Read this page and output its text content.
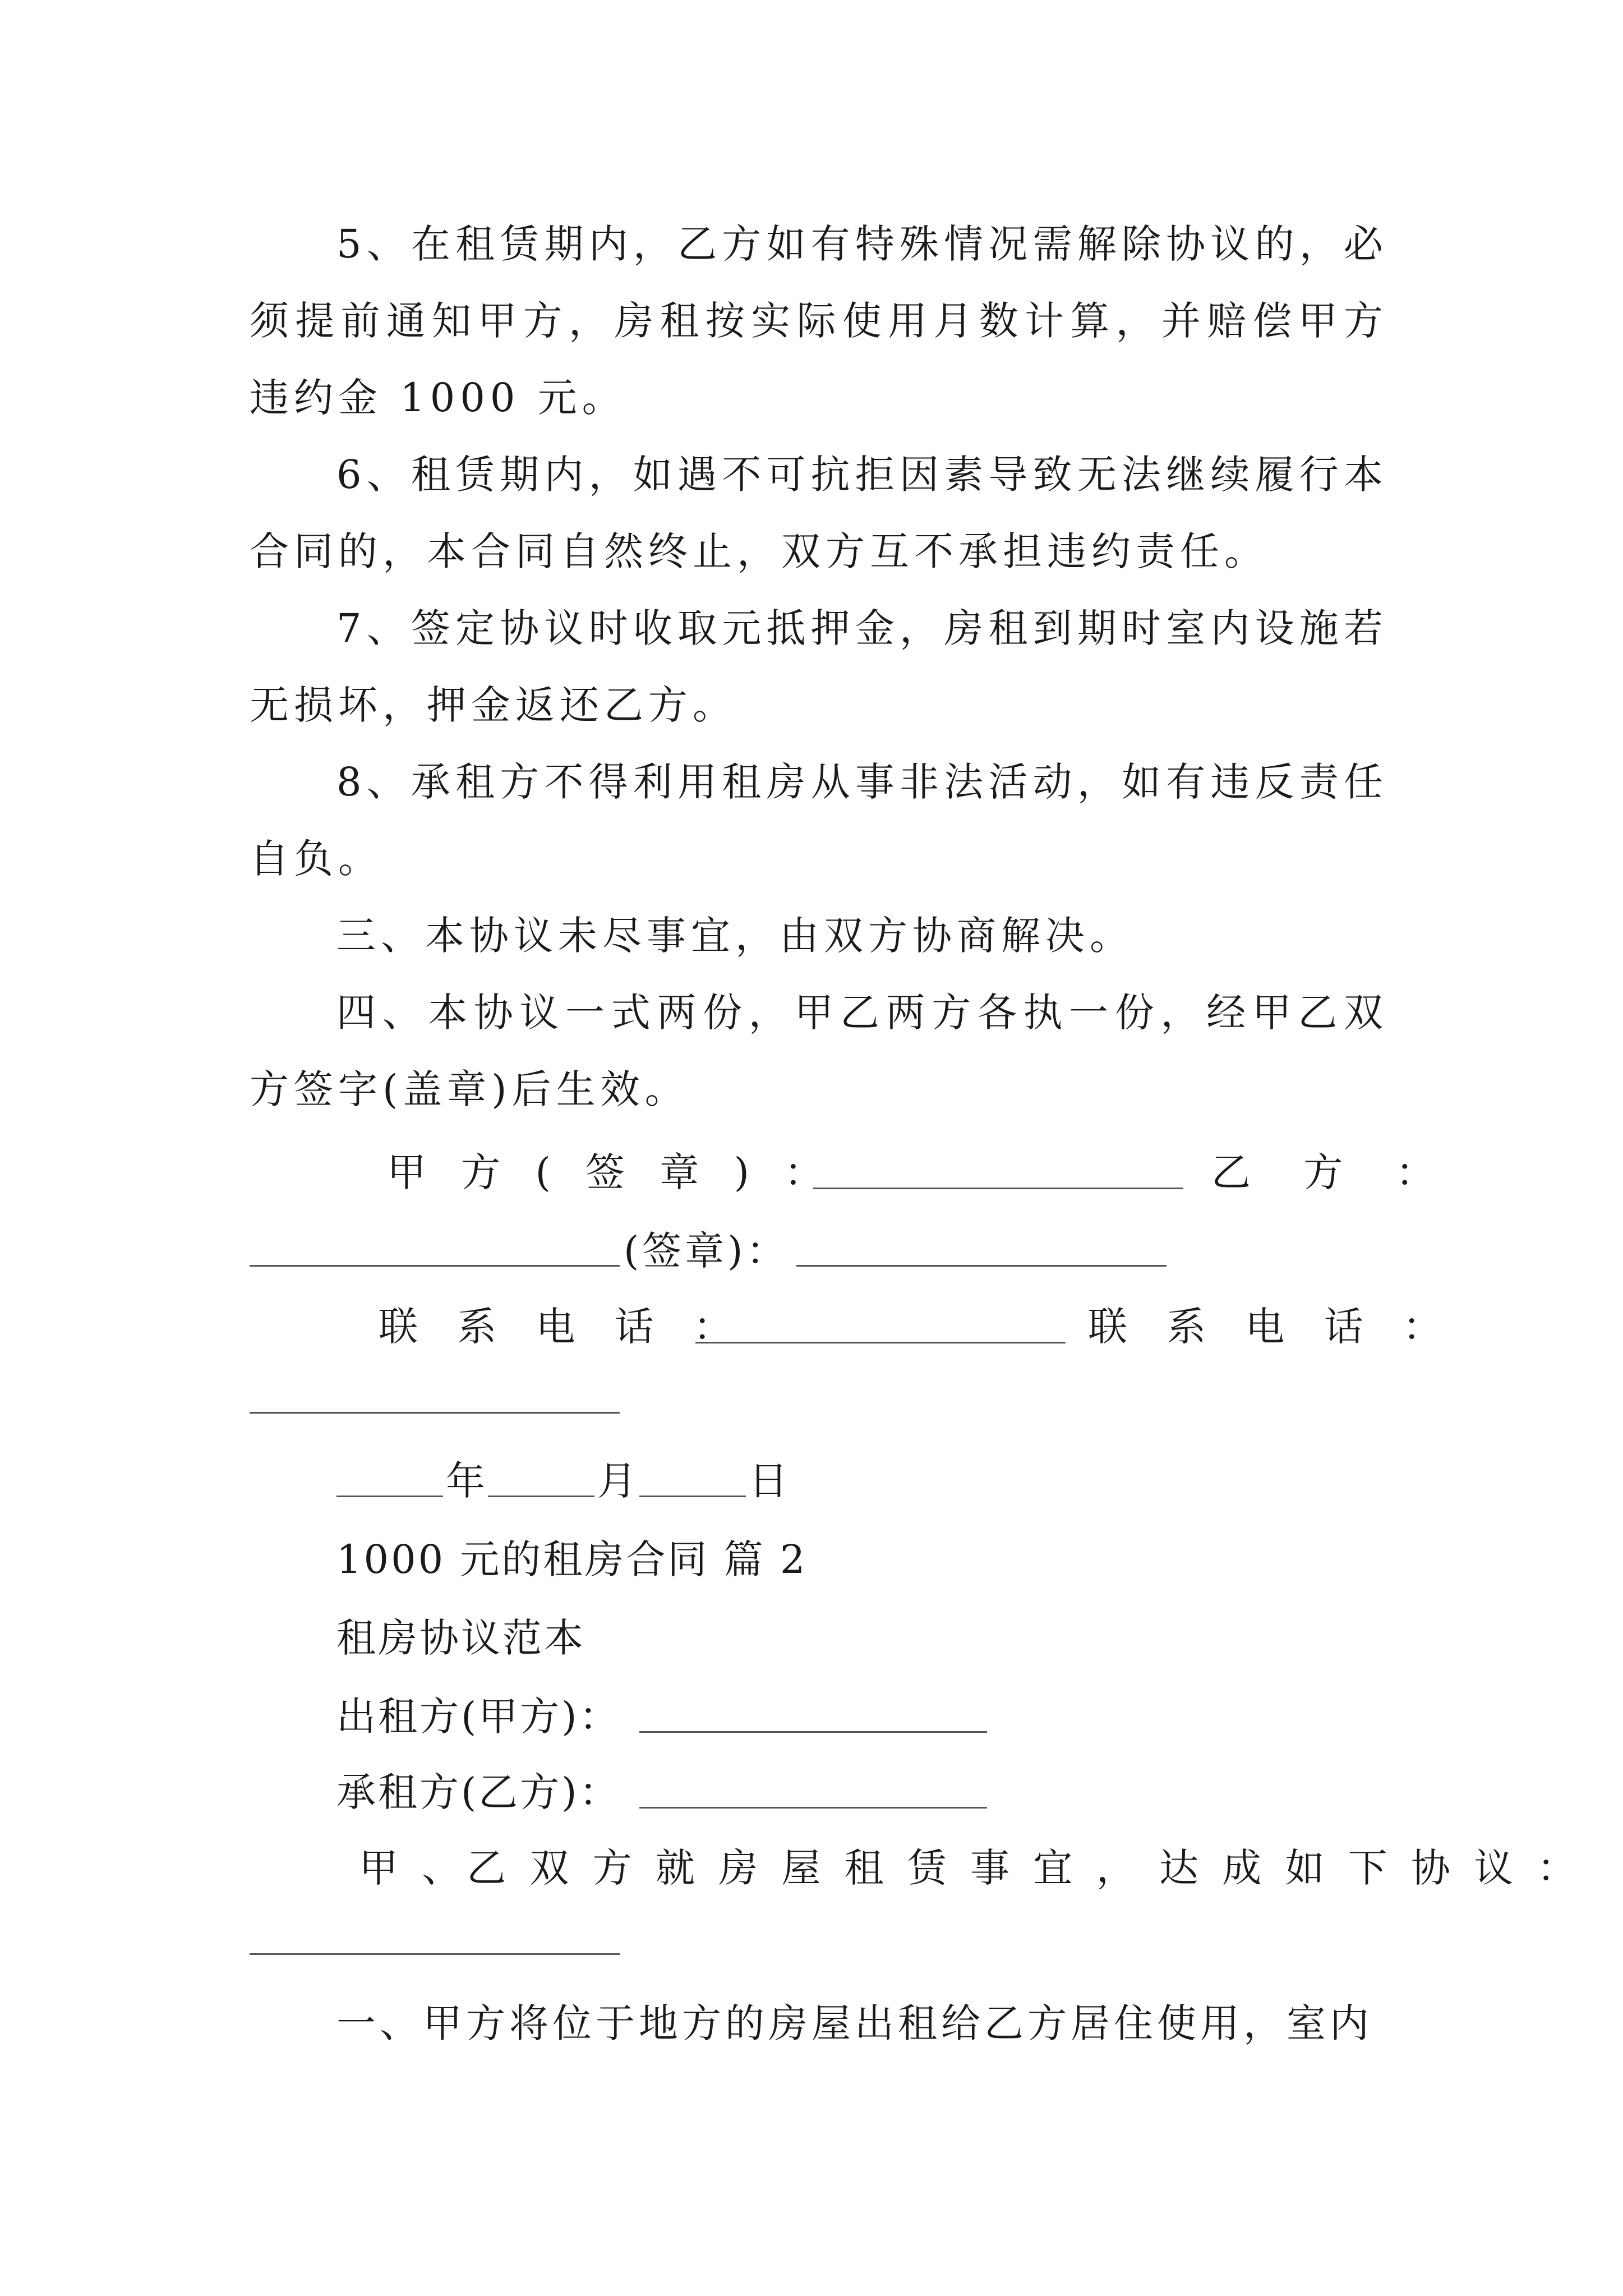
5、在租赁期内，乙方如有特殊情况需解除协议的，必须提前通知甲方，房租按实际使用月数计算，并赔偿甲方违约金 1000 元。
6、租赁期内，如遇不可抗拒因素导致无法继续履行本合同的，本合同自然终止，双方互不承担违约责任。
7、签定协议时收取元抵押金，房租到期时室内设施若无损坏，押金返还乙方。
8、承租方不得利用租房从事非法活动，如有违反责任自负。
三、本协议未尽事宜，由双方协商解决。
四、本协议一式两份，甲乙两方各执一份，经甲乙双方签字(盖章)后生效。
甲 方 ( 签 章 ) ：	乙 方 ：
(签章)：
联 系 电 话 ：	联 系 电 话 ：
年	月	日
1000 元的租房合同 篇 2
租房协议范本
出租方(甲方)：
承租方(乙方)：
甲 、乙 双 方 就 房 屋 租 赁 事 宜 ， 达 成 如 下 协 议 ：
一、甲方将位于地方的房屋出租给乙方居住使用，室内
